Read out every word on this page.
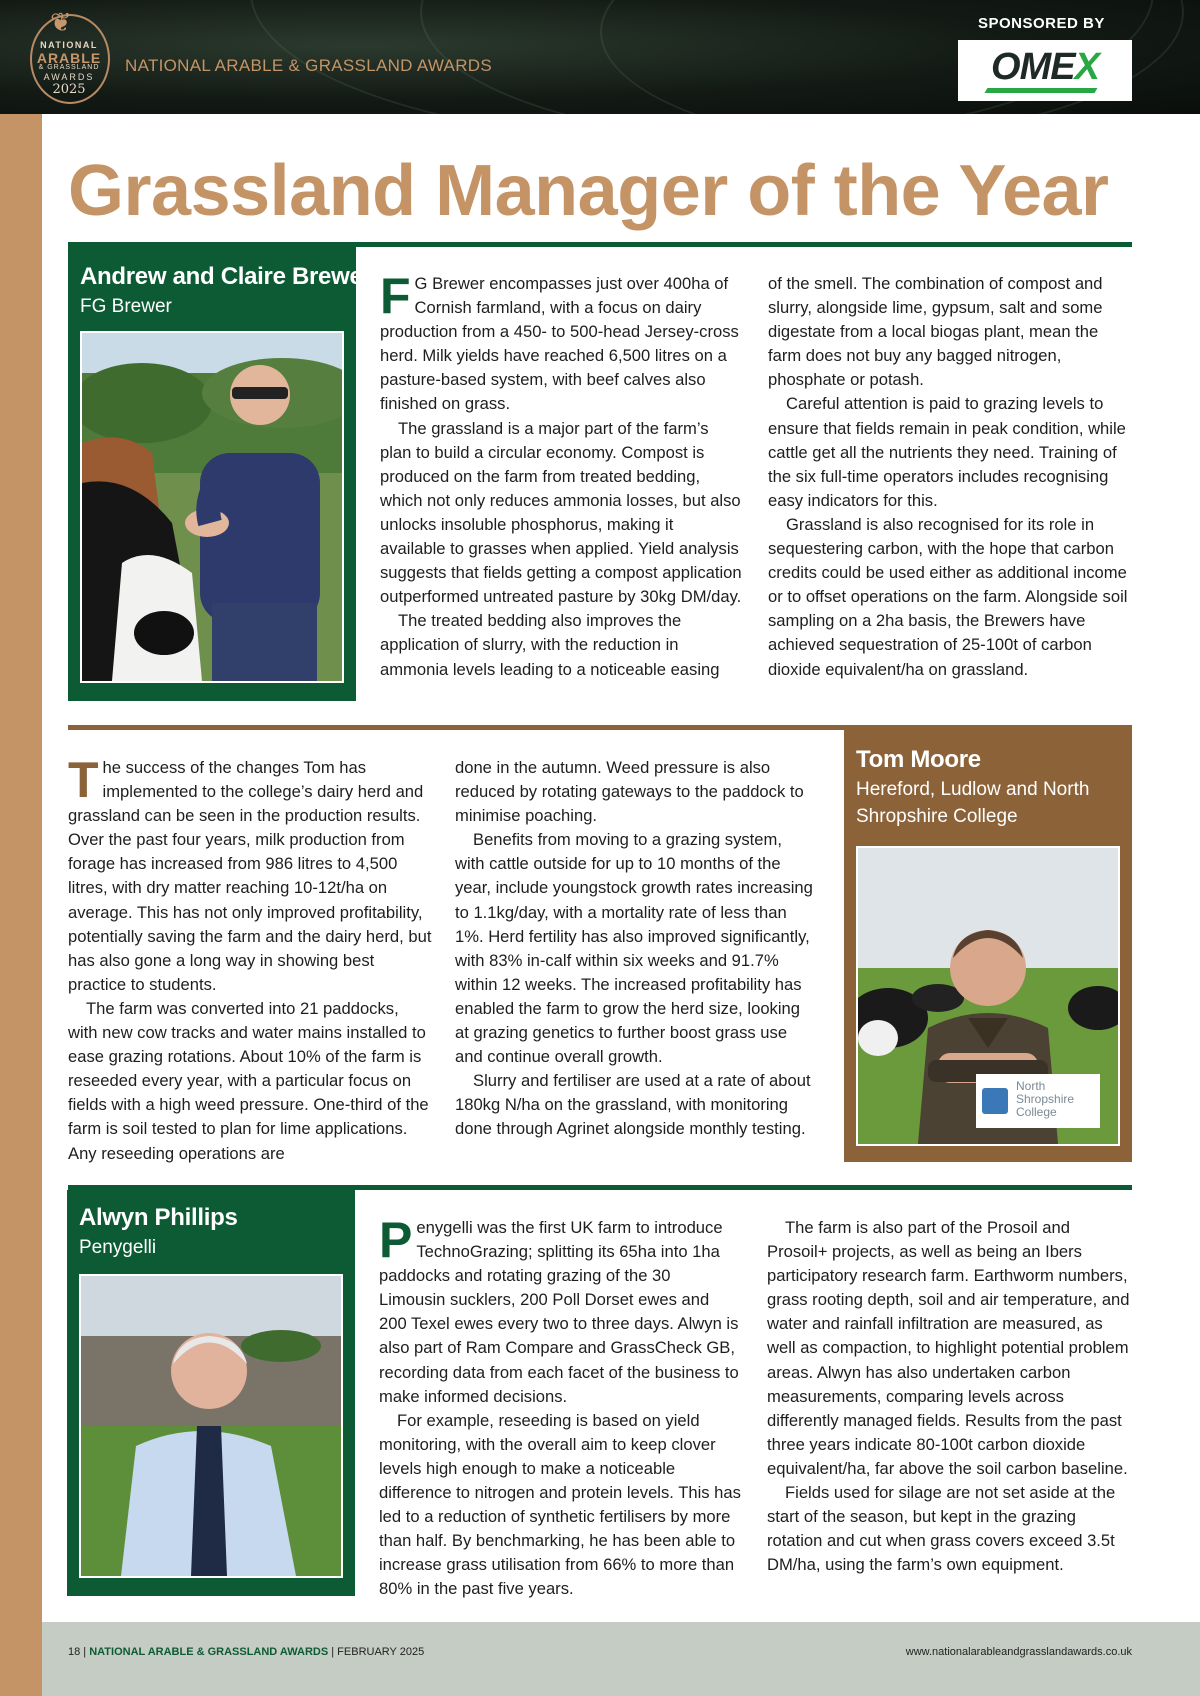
❦
NATIONAL
ARABLE
& GRASSLAND
AWARDS
2025
NATIONAL ARABLE & GRASSLAND AWARDS
SPONSORED BY
OMEX
Grassland Manager of the Year
Andrew and Claire Brewer
FG Brewer	F G Brewer encompasses just over 400ha of Cornish farmland, with a focus on dairy production from a 450- to 500-head Jersey-cross herd. Milk yields have reached 6,500 litres on a pasture-based system, with beef calves also finished on grass.

The grassland is a major part of the farm’s plan to build a circular economy. Compost is produced on the farm from treated bedding, which not only reduces ammonia losses, but also unlocks insoluble phosphorus, making it available to grasses when applied. Yield analysis suggests that fields getting a compost application outperformed untreated pasture by 30kg DM/day.

The treated bedding also improves the application of slurry, with the reduction in ammonia levels leading to a noticeable easing

of the smell. The combination of compost and slurry, alongside lime, gypsum, salt and some digestate from a local biogas plant, mean the farm does not buy any bagged nitrogen, phosphate or potash.

Careful attention is paid to grazing levels to ensure that fields remain in peak condition, while cattle get all the nutrients they need. Training of the six full-time operators includes recognising easy indicators for this.

Grassland is also recognised for its role in sequestering carbon, with the hope that carbon credits could be used either as additional income or to offset operations on the farm. Alongside soil sampling on a 2ha basis, the Brewers have achieved sequestration of 25-100t of carbon dioxide equivalent/ha on grassland.

T he success of the changes Tom has implemented to the college’s dairy herd and grassland can be seen in the production results. Over the past four years, milk production from forage has increased from 986 litres to 4,500 litres, with dry matter reaching 10-12t/ha on average. This has not only improved profitability, potentially saving the farm and the dairy herd, but has also gone a long way in showing best practice to students.

The farm was converted into 21 paddocks, with new cow tracks and water mains installed to ease grazing rotations. About 10% of the farm is reseeded every year, with a particular focus on fields with a high weed pressure. One-third of the farm is soil tested to plan for lime applications. Any reseeding operations are

done in the autumn. Weed pressure is also reduced by rotating gateways to the paddock to minimise poaching.

Benefits from moving to a grazing system, with cattle outside for up to 10 months of the year, include youngstock growth rates increasing to 1.1kg/day, with a mortality rate of less than 1%. Herd fertility has also improved significantly, with 83% in-calf within six weeks and 91.7% within 12 weeks. The increased profitability has enabled the farm to grow the herd size, looking at grazing genetics to further boost grass use and continue overall growth.

Slurry and fertiliser are used at a rate of about 180kg N/ha on the grassland, with monitoring done through Agrinet alongside monthly testing.

Tom Moore
Hereford, Ludlow and North Shropshire College
North Shropshire College
Alwyn Phillips
Penygelli	P enygelli was the first UK farm to introduce TechnoGrazing; splitting its 65ha into 1ha paddocks and rotating grazing of the 30 Limousin sucklers, 200 Poll Dorset ewes and 200 Texel ewes every two to three days. Alwyn is also part of Ram Compare and GrassCheck GB, recording data from each facet of the business to make informed decisions.

For example, reseeding is based on yield monitoring, with the overall aim to keep clover levels high enough to make a noticeable difference to nitrogen and protein levels. This has led to a reduction of synthetic fertilisers by more than half. By benchmarking, he has been able to increase grass utilisation from 66% to more than 80% in the past five years.

The farm is also part of the Prosoil and Prosoil+ projects, as well as being an Ibers participatory research farm. Earthworm numbers, grass rooting depth, soil and air temperature, and water and rainfall infiltration are measured, as well as compaction, to highlight potential problem areas. Alwyn has also undertaken carbon measurements, comparing levels across differently managed fields. Results from the past three years indicate 80-100t carbon dioxide equivalent/ha, far above the soil carbon baseline.

Fields used for silage are not set aside at the start of the season, but kept in the grazing rotation and cut when grass covers exceed 3.5t DM/ha, using the farm’s own equipment.

18 | NATIONAL ARABLE & GRASSLAND AWARDS | FEBRUARY 2025	www.nationalarableandgrasslandawards.co.uk
